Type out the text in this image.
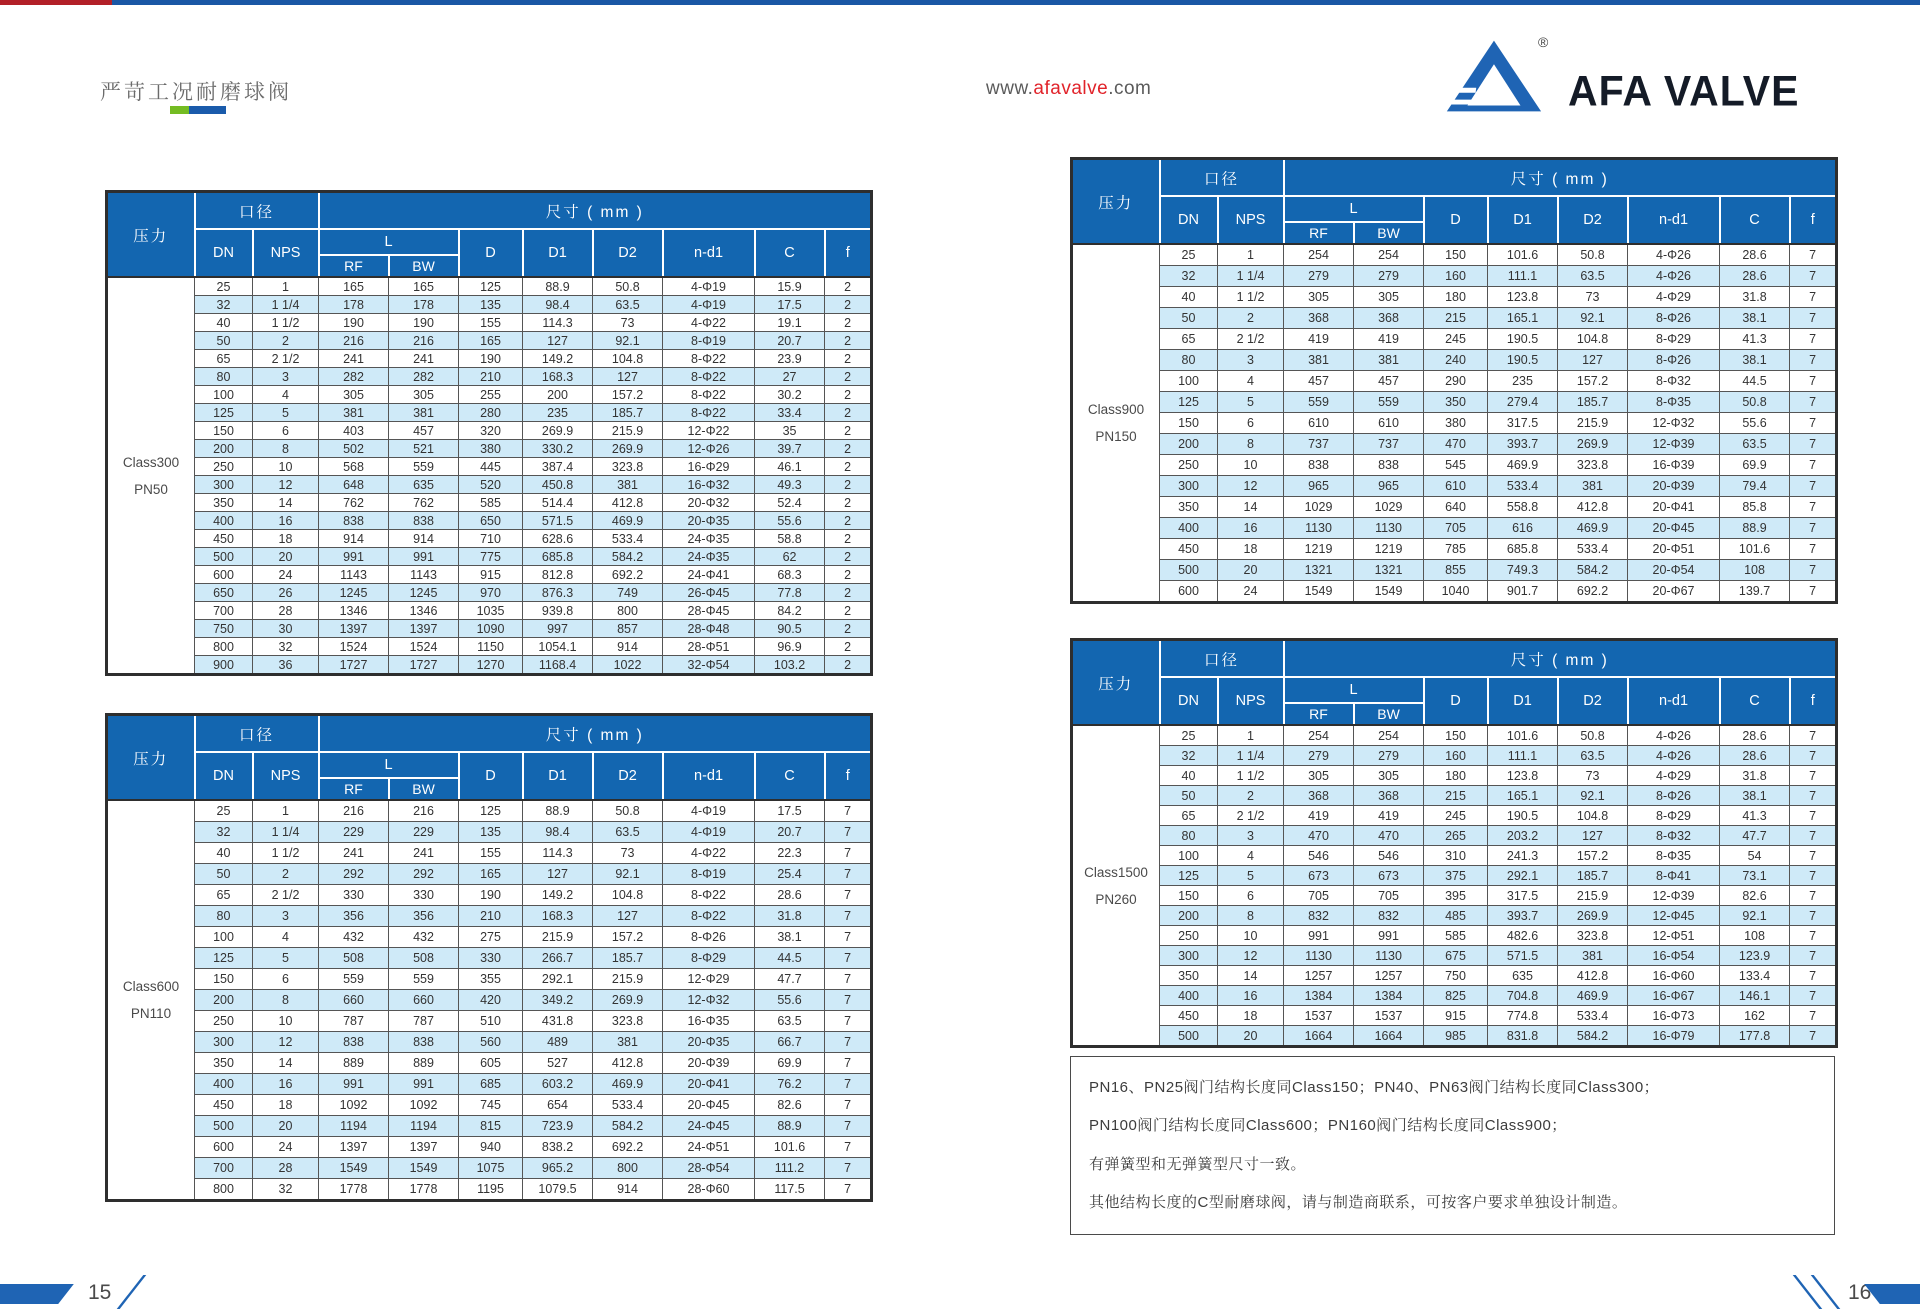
严苛工况耐磨球阀	www.afavalve.com
®
AFA VALVE
压力	口径		尺寸 ( mm )							
	DN	NPS	L		D	D1	D2	n-d1	C	f
			RF	BW						
Class300
PN50	25	1	165	165	125	88.9	50.8	4-Φ19	15.9	2
	32	1 1/4	178	178	135	98.4	63.5	4-Φ19	17.5	2
	40	1 1/2	190	190	155	114.3	73	4-Φ22	19.1	2
	50	2	216	216	165	127	92.1	8-Φ19	20.7	2
	65	2 1/2	241	241	190	149.2	104.8	8-Φ22	23.9	2
	80	3	282	282	210	168.3	127	8-Φ22	27	2
	100	4	305	305	255	200	157.2	8-Φ22	30.2	2
	125	5	381	381	280	235	185.7	8-Φ22	33.4	2
	150	6	403	457	320	269.9	215.9	12-Φ22	35	2
	200	8	502	521	380	330.2	269.9	12-Φ26	39.7	2
	250	10	568	559	445	387.4	323.8	16-Φ29	46.1	2
	300	12	648	635	520	450.8	381	16-Φ32	49.3	2
	350	14	762	762	585	514.4	412.8	20-Φ32	52.4	2
	400	16	838	838	650	571.5	469.9	20-Φ35	55.6	2
	450	18	914	914	710	628.6	533.4	24-Φ35	58.8	2
	500	20	991	991	775	685.8	584.2	24-Φ35	62	2
	600	24	1143	1143	915	812.8	692.2	24-Φ41	68.3	2
	650	26	1245	1245	970	876.3	749	26-Φ45	77.8	2
	700	28	1346	1346	1035	939.8	800	28-Φ45	84.2	2
	750	30	1397	1397	1090	997	857	28-Φ48	90.5	2
	800	32	1524	1524	1150	1054.1	914	28-Φ51	96.9	2
	900	36	1727	1727	1270	1168.4	1022	32-Φ54	103.2	2
压力	口径		尺寸 ( mm )							
	DN	NPS	L		D	D1	D2	n-d1	C	f
			RF	BW						
Class600
PN110	25	1	216	216	125	88.9	50.8	4-Φ19	17.5	7
	32	1 1/4	229	229	135	98.4	63.5	4-Φ19	20.7	7
	40	1 1/2	241	241	155	114.3	73	4-Φ22	22.3	7
	50	2	292	292	165	127	92.1	8-Φ19	25.4	7
	65	2 1/2	330	330	190	149.2	104.8	8-Φ22	28.6	7
	80	3	356	356	210	168.3	127	8-Φ22	31.8	7
	100	4	432	432	275	215.9	157.2	8-Φ26	38.1	7
	125	5	508	508	330	266.7	185.7	8-Φ29	44.5	7
	150	6	559	559	355	292.1	215.9	12-Φ29	47.7	7
	200	8	660	660	420	349.2	269.9	12-Φ32	55.6	7
	250	10	787	787	510	431.8	323.8	16-Φ35	63.5	7
	300	12	838	838	560	489	381	20-Φ35	66.7	7
	350	14	889	889	605	527	412.8	20-Φ39	69.9	7
	400	16	991	991	685	603.2	469.9	20-Φ41	76.2	7
	450	18	1092	1092	745	654	533.4	20-Φ45	82.6	7
	500	20	1194	1194	815	723.9	584.2	24-Φ45	88.9	7
	600	24	1397	1397	940	838.2	692.2	24-Φ51	101.6	7
	700	28	1549	1549	1075	965.2	800	28-Φ54	111.2	7
	800	32	1778	1778	1195	1079.5	914	28-Φ60	117.5	7
压力	口径		尺寸 ( mm )							
	DN	NPS	L		D	D1	D2	n-d1	C	f
			RF	BW						
Class900
PN150	25	1	254	254	150	101.6	50.8	4-Φ26	28.6	7
	32	1 1/4	279	279	160	111.1	63.5	4-Φ26	28.6	7
	40	1 1/2	305	305	180	123.8	73	4-Φ29	31.8	7
	50	2	368	368	215	165.1	92.1	8-Φ26	38.1	7
	65	2 1/2	419	419	245	190.5	104.8	8-Φ29	41.3	7
	80	3	381	381	240	190.5	127	8-Φ26	38.1	7
	100	4	457	457	290	235	157.2	8-Φ32	44.5	7
	125	5	559	559	350	279.4	185.7	8-Φ35	50.8	7
	150	6	610	610	380	317.5	215.9	12-Φ32	55.6	7
	200	8	737	737	470	393.7	269.9	12-Φ39	63.5	7
	250	10	838	838	545	469.9	323.8	16-Φ39	69.9	7
	300	12	965	965	610	533.4	381	20-Φ39	79.4	7
	350	14	1029	1029	640	558.8	412.8	20-Φ41	85.8	7
	400	16	1130	1130	705	616	469.9	20-Φ45	88.9	7
	450	18	1219	1219	785	685.8	533.4	20-Φ51	101.6	7
	500	20	1321	1321	855	749.3	584.2	20-Φ54	108	7
	600	24	1549	1549	1040	901.7	692.2	20-Φ67	139.7	7
压力	口径		尺寸 ( mm )							
	DN	NPS	L		D	D1	D2	n-d1	C	f
			RF	BW						
Class1500
PN260	25	1	254	254	150	101.6	50.8	4-Φ26	28.6	7
	32	1 1/4	279	279	160	111.1	63.5	4-Φ26	28.6	7
	40	1 1/2	305	305	180	123.8	73	4-Φ29	31.8	7
	50	2	368	368	215	165.1	92.1	8-Φ26	38.1	7
	65	2 1/2	419	419	245	190.5	104.8	8-Φ29	41.3	7
	80	3	470	470	265	203.2	127	8-Φ32	47.7	7
	100	4	546	546	310	241.3	157.2	8-Φ35	54	7
	125	5	673	673	375	292.1	185.7	8-Φ41	73.1	7
	150	6	705	705	395	317.5	215.9	12-Φ39	82.6	7
	200	8	832	832	485	393.7	269.9	12-Φ45	92.1	7
	250	10	991	991	585	482.6	323.8	12-Φ51	108	7
	300	12	1130	1130	675	571.5	381	16-Φ54	123.9	7
	350	14	1257	1257	750	635	412.8	16-Φ60	133.4	7
	400	16	1384	1384	825	704.8	469.9	16-Φ67	146.1	7
	450	18	1537	1537	915	774.8	533.4	16-Φ73	162	7
	500	20	1664	1664	985	831.8	584.2	16-Φ79	177.8	7

PN16、PN25阀门结构长度同Class150；PN40、PN63阀门结构长度同Class300；

PN100阀门结构长度同Class600；PN160阀门结构长度同Class900；

有弹簧型和无弹簧型尺寸一致。

其他结构长度的C型耐磨球阀，请与制造商联系，可按客户要求单独设计制造。

15	16
